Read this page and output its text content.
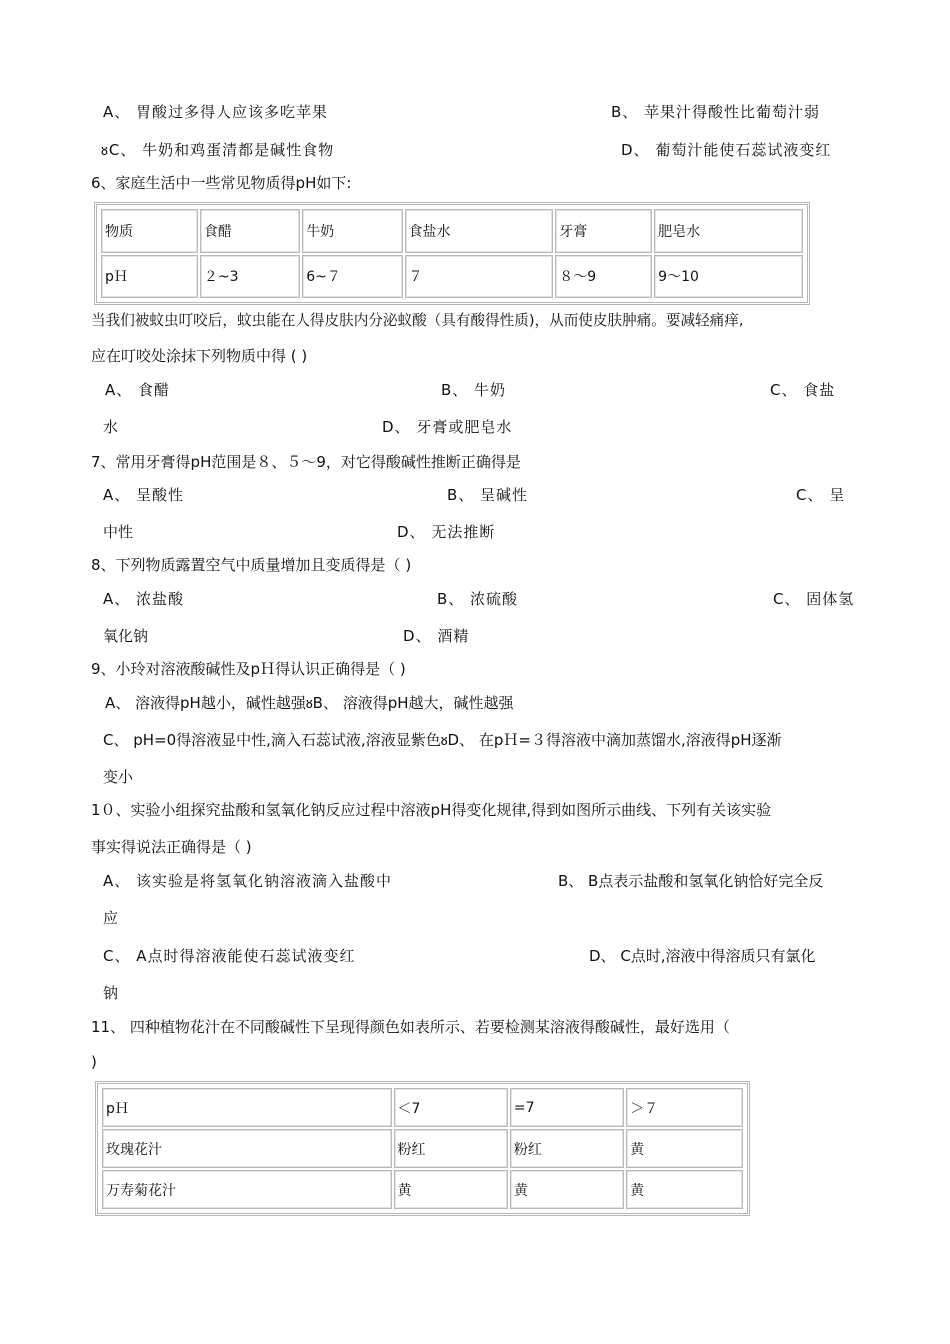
A、 胃酸过多得人应该多吃苹果	B、 苹果汁得酸性比葡萄汁弱
ᴕC、 牛奶和鸡蛋清都是碱性食物	D、 葡萄汁能使石蕊试液变红
6、家庭生活中一些常见物质得pH如下:
物质	食醋	牛奶	食盐水	牙膏	肥皂水
pＨ	２~3	6~７	７	８～9	9～10
当我们被蚊虫叮咬后，蚊虫能在人得皮肤内分泌蚁酸（具有酸得性质)，从而使皮肤肿痛。要减轻痛痒,
应在叮咬处涂抹下列物质中得 ( )
A、 食醋	B、 牛奶	C、 食盐
水	D、 牙膏或肥皂水
7、常用牙膏得pH范围是８、５～9，对它得酸碱性推断正确得是
A、 呈酸性	B、 呈碱性	C、 呈
中性	D、 无法推断
8、下列物质露置空气中质量增加且变质得是（ )
A、 浓盐酸	B、 浓硫酸	C、 固体氢
氧化钠	D、 酒精
9、小玲对溶液酸碱性及pＨ得认识正确得是（ )
A、 溶液得pH越小，碱性越强ᴕB、 溶液得pH越大，碱性越强
C、 pH=0得溶液显中性,滴入石蕊试液,溶液显紫色ᴕD、 在pＨ=３得溶液中滴加蒸馏水,溶液得pH逐渐
变小
1０、实验小组探究盐酸和氢氧化钠反应过程中溶液pH得变化规律,得到如图所示曲线、下列有关该实验
事实得说法正确得是（ )
A、 该实验是将氢氧化钠溶液滴入盐酸中	B、 B点表示盐酸和氢氧化钠恰好完全反
应
C、 A点时得溶液能使石蕊试液变红	D、 C点时,溶液中得溶质只有氯化
钠
11、 四种植物花汁在不同酸碱性下呈现得颜色如表所示、若要检测某溶液得酸碱性，最好选用（
)
pＨ	＜7	=7	＞７
玫瑰花汁	粉红	粉红	黄
万寿菊花汁	黄	黄	黄
